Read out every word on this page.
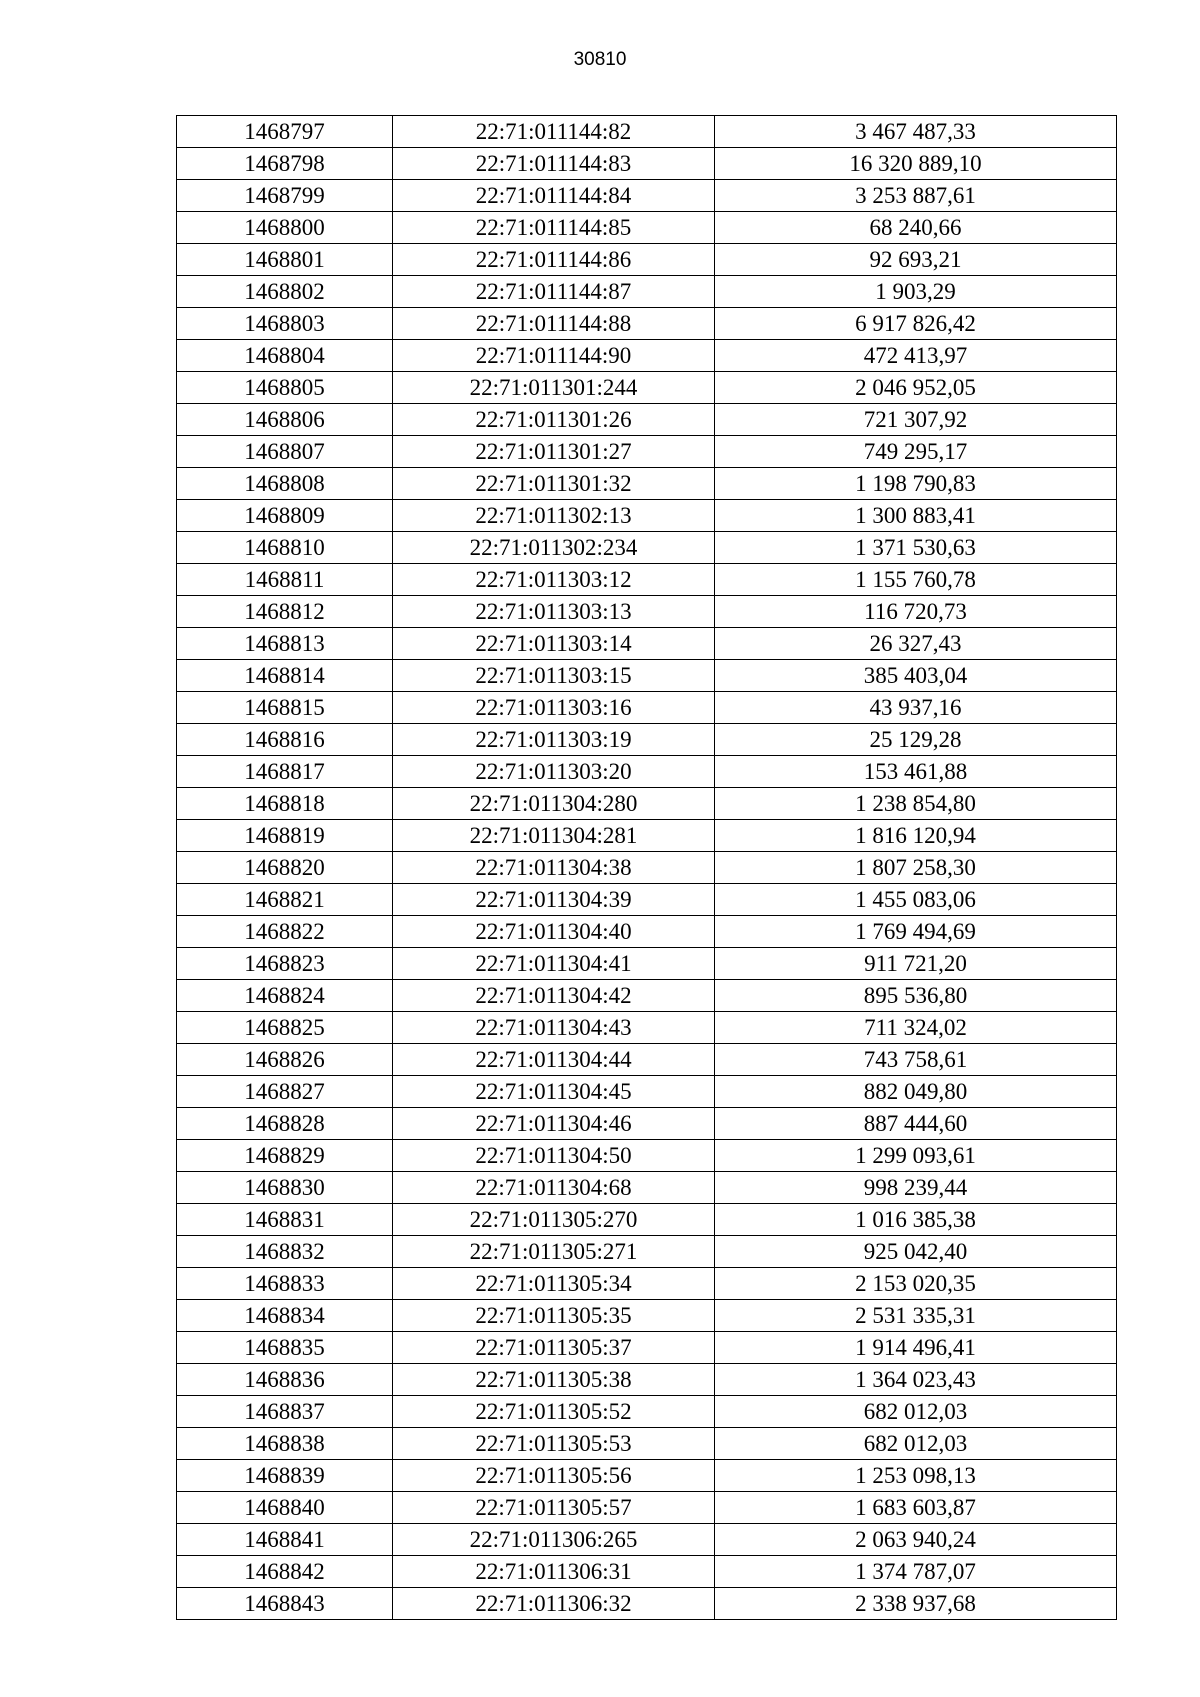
30810
1468797	22:71:011144:82	3 467 487,33
1468798	22:71:011144:83	16 320 889,10
1468799	22:71:011144:84	3 253 887,61
1468800	22:71:011144:85	68 240,66
1468801	22:71:011144:86	92 693,21
1468802	22:71:011144:87	1 903,29
1468803	22:71:011144:88	6 917 826,42
1468804	22:71:011144:90	472 413,97
1468805	22:71:011301:244	2 046 952,05
1468806	22:71:011301:26	721 307,92
1468807	22:71:011301:27	749 295,17
1468808	22:71:011301:32	1 198 790,83
1468809	22:71:011302:13	1 300 883,41
1468810	22:71:011302:234	1 371 530,63
1468811	22:71:011303:12	1 155 760,78
1468812	22:71:011303:13	116 720,73
1468813	22:71:011303:14	26 327,43
1468814	22:71:011303:15	385 403,04
1468815	22:71:011303:16	43 937,16
1468816	22:71:011303:19	25 129,28
1468817	22:71:011303:20	153 461,88
1468818	22:71:011304:280	1 238 854,80
1468819	22:71:011304:281	1 816 120,94
1468820	22:71:011304:38	1 807 258,30
1468821	22:71:011304:39	1 455 083,06
1468822	22:71:011304:40	1 769 494,69
1468823	22:71:011304:41	911 721,20
1468824	22:71:011304:42	895 536,80
1468825	22:71:011304:43	711 324,02
1468826	22:71:011304:44	743 758,61
1468827	22:71:011304:45	882 049,80
1468828	22:71:011304:46	887 444,60
1468829	22:71:011304:50	1 299 093,61
1468830	22:71:011304:68	998 239,44
1468831	22:71:011305:270	1 016 385,38
1468832	22:71:011305:271	925 042,40
1468833	22:71:011305:34	2 153 020,35
1468834	22:71:011305:35	2 531 335,31
1468835	22:71:011305:37	1 914 496,41
1468836	22:71:011305:38	1 364 023,43
1468837	22:71:011305:52	682 012,03
1468838	22:71:011305:53	682 012,03
1468839	22:71:011305:56	1 253 098,13
1468840	22:71:011305:57	1 683 603,87
1468841	22:71:011306:265	2 063 940,24
1468842	22:71:011306:31	1 374 787,07
1468843	22:71:011306:32	2 338 937,68
